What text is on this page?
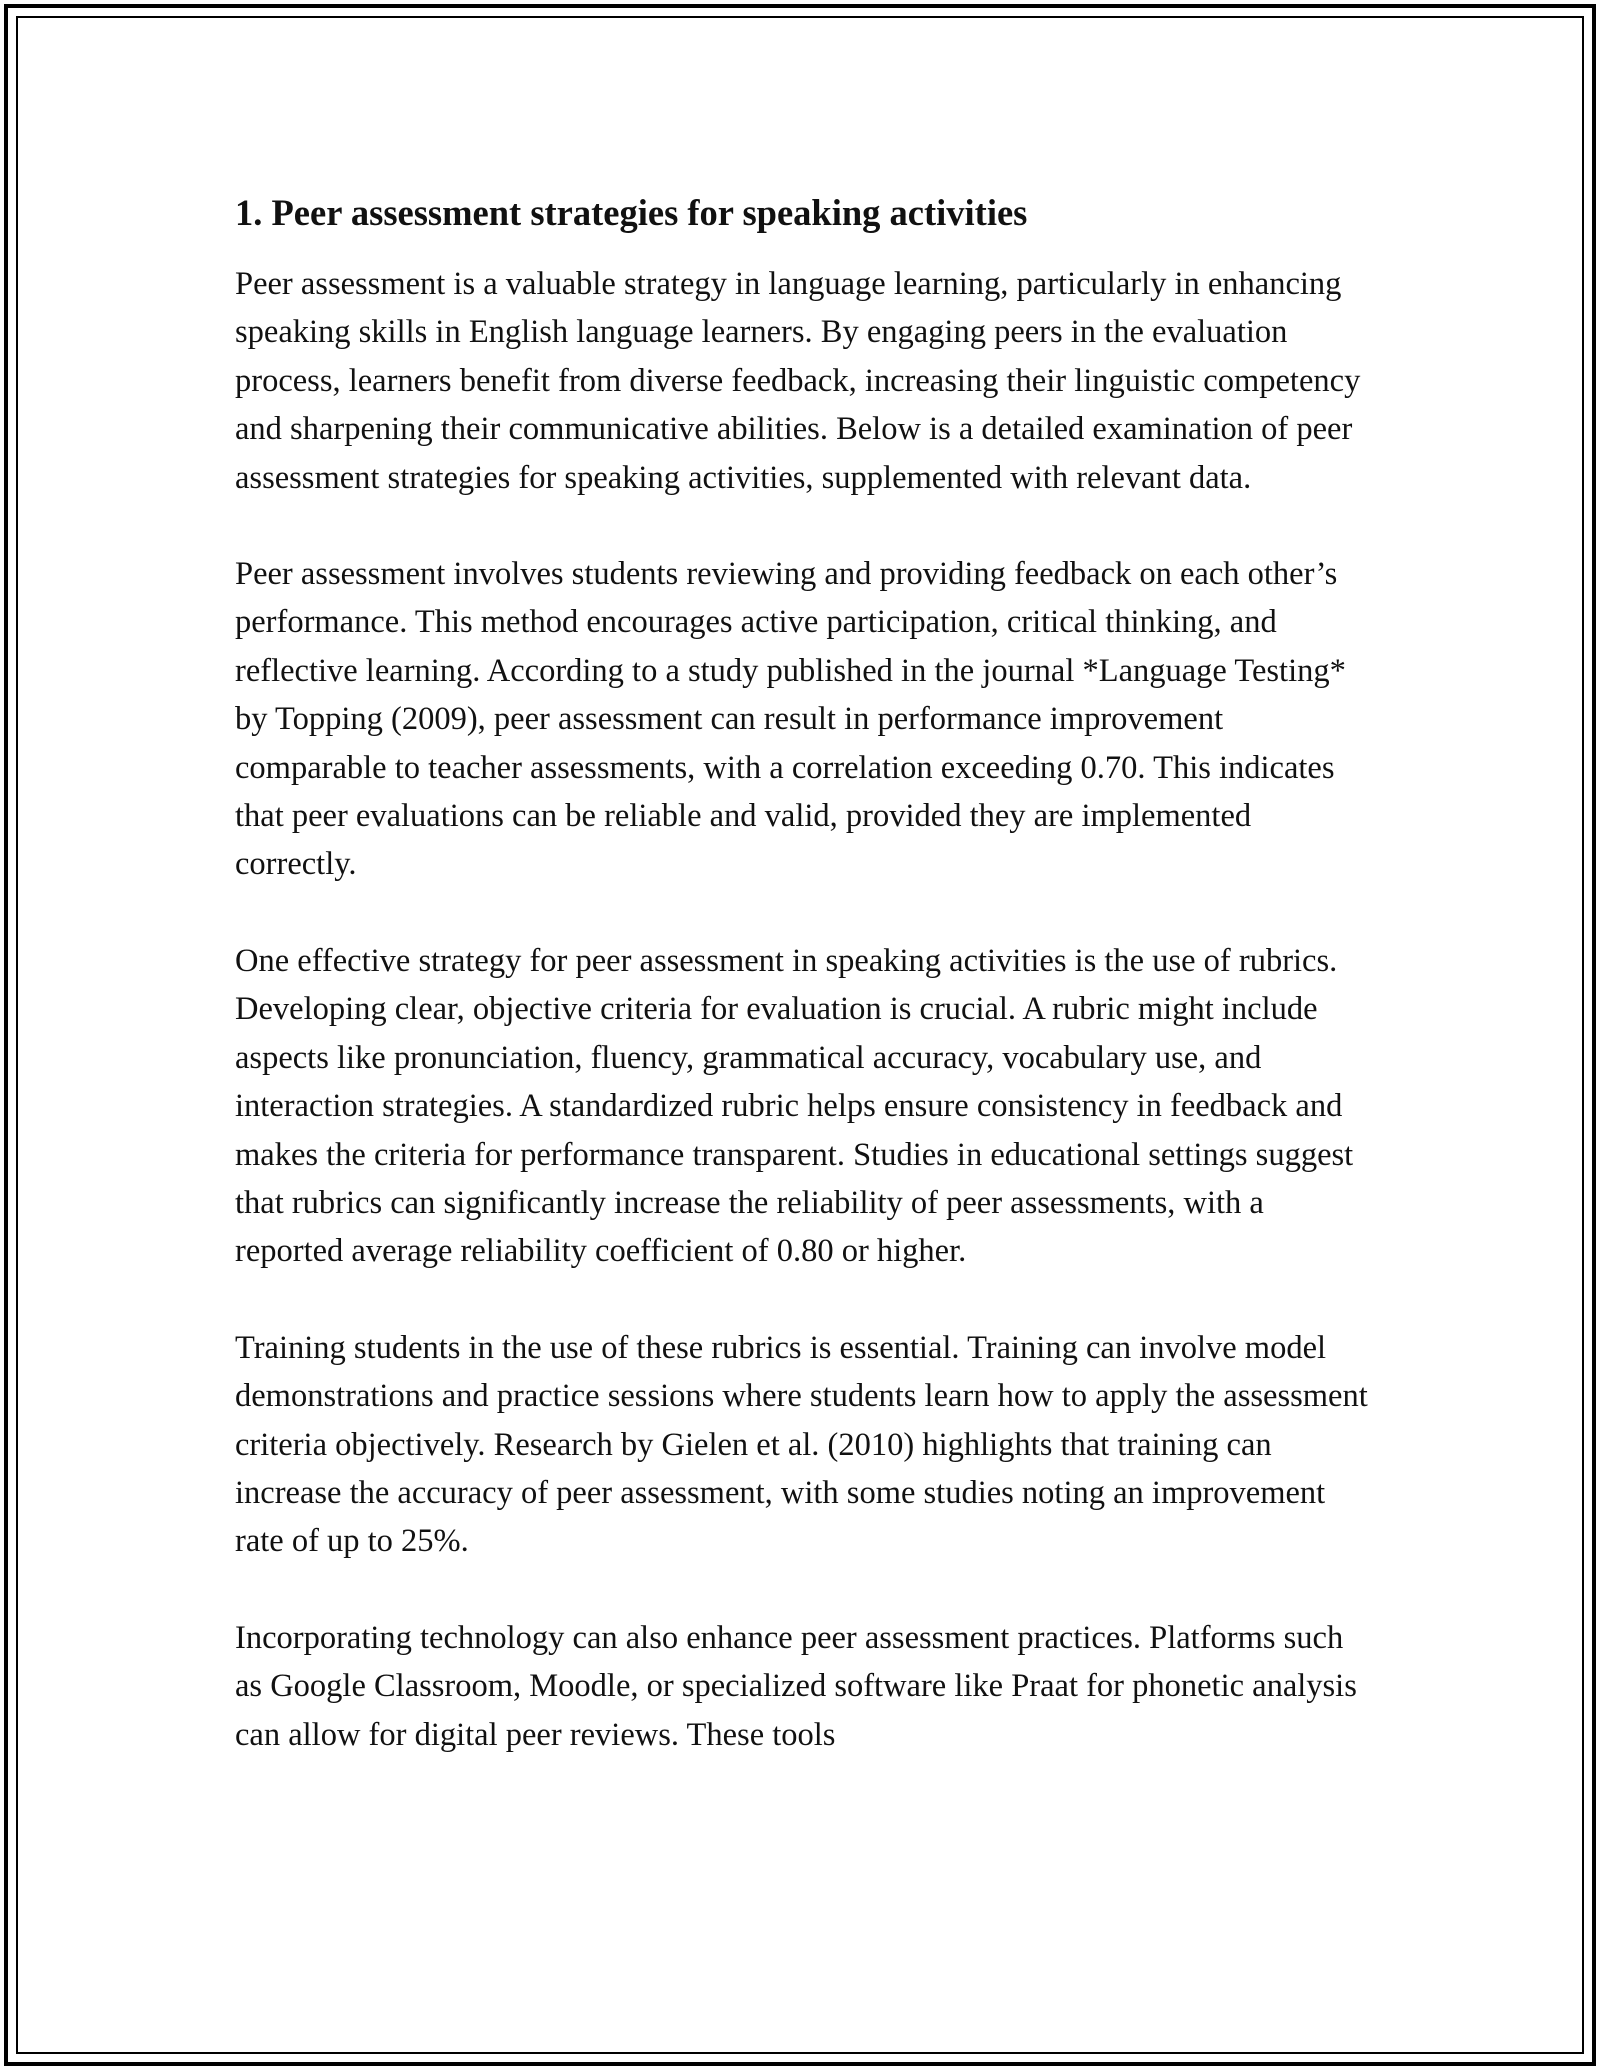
1. Peer assessment strategies for speaking activities

Peer assessment is a valuable strategy in language learning, particularly in enhancing speaking skills in English language learners. By engaging peers in the evaluation process, learners benefit from diverse feedback, increasing their linguistic competency and sharpening their communicative abilities. Below is a detailed examination of peer assessment strategies for speaking activities, supplemented with relevant data.

Peer assessment involves students reviewing and providing feedback on each other’s performance. This method encourages active participation, critical thinking, and reflective learning. According to a study published in the journal *Language Testing* by Topping (2009), peer assessment can result in performance improvement comparable to teacher assessments, with a correlation exceeding 0.70. This indicates that peer evaluations can be reliable and valid, provided they are implemented correctly.

One effective strategy for peer assessment in speaking activities is the use of rubrics. Developing clear, objective criteria for evaluation is crucial. A rubric might include aspects like pronunciation, fluency, grammatical accuracy, vocabulary use, and interaction strategies. A standardized rubric helps ensure consistency in feedback and makes the criteria for performance transparent. Studies in educational settings suggest that rubrics can significantly increase the reliability of peer assessments, with a reported average reliability coefficient of 0.80 or higher.

Training students in the use of these rubrics is essential. Training can involve model demonstrations and practice sessions where students learn how to apply the assessment criteria objectively. Research by Gielen et al. (2010) highlights that training can increase the accuracy of peer assessment, with some studies noting an improvement rate of up to 25%.

Incorporating technology can also enhance peer assessment practices. Platforms such as Google Classroom, Moodle, or specialized software like Praat for phonetic analysis can allow for digital peer reviews. These tools
